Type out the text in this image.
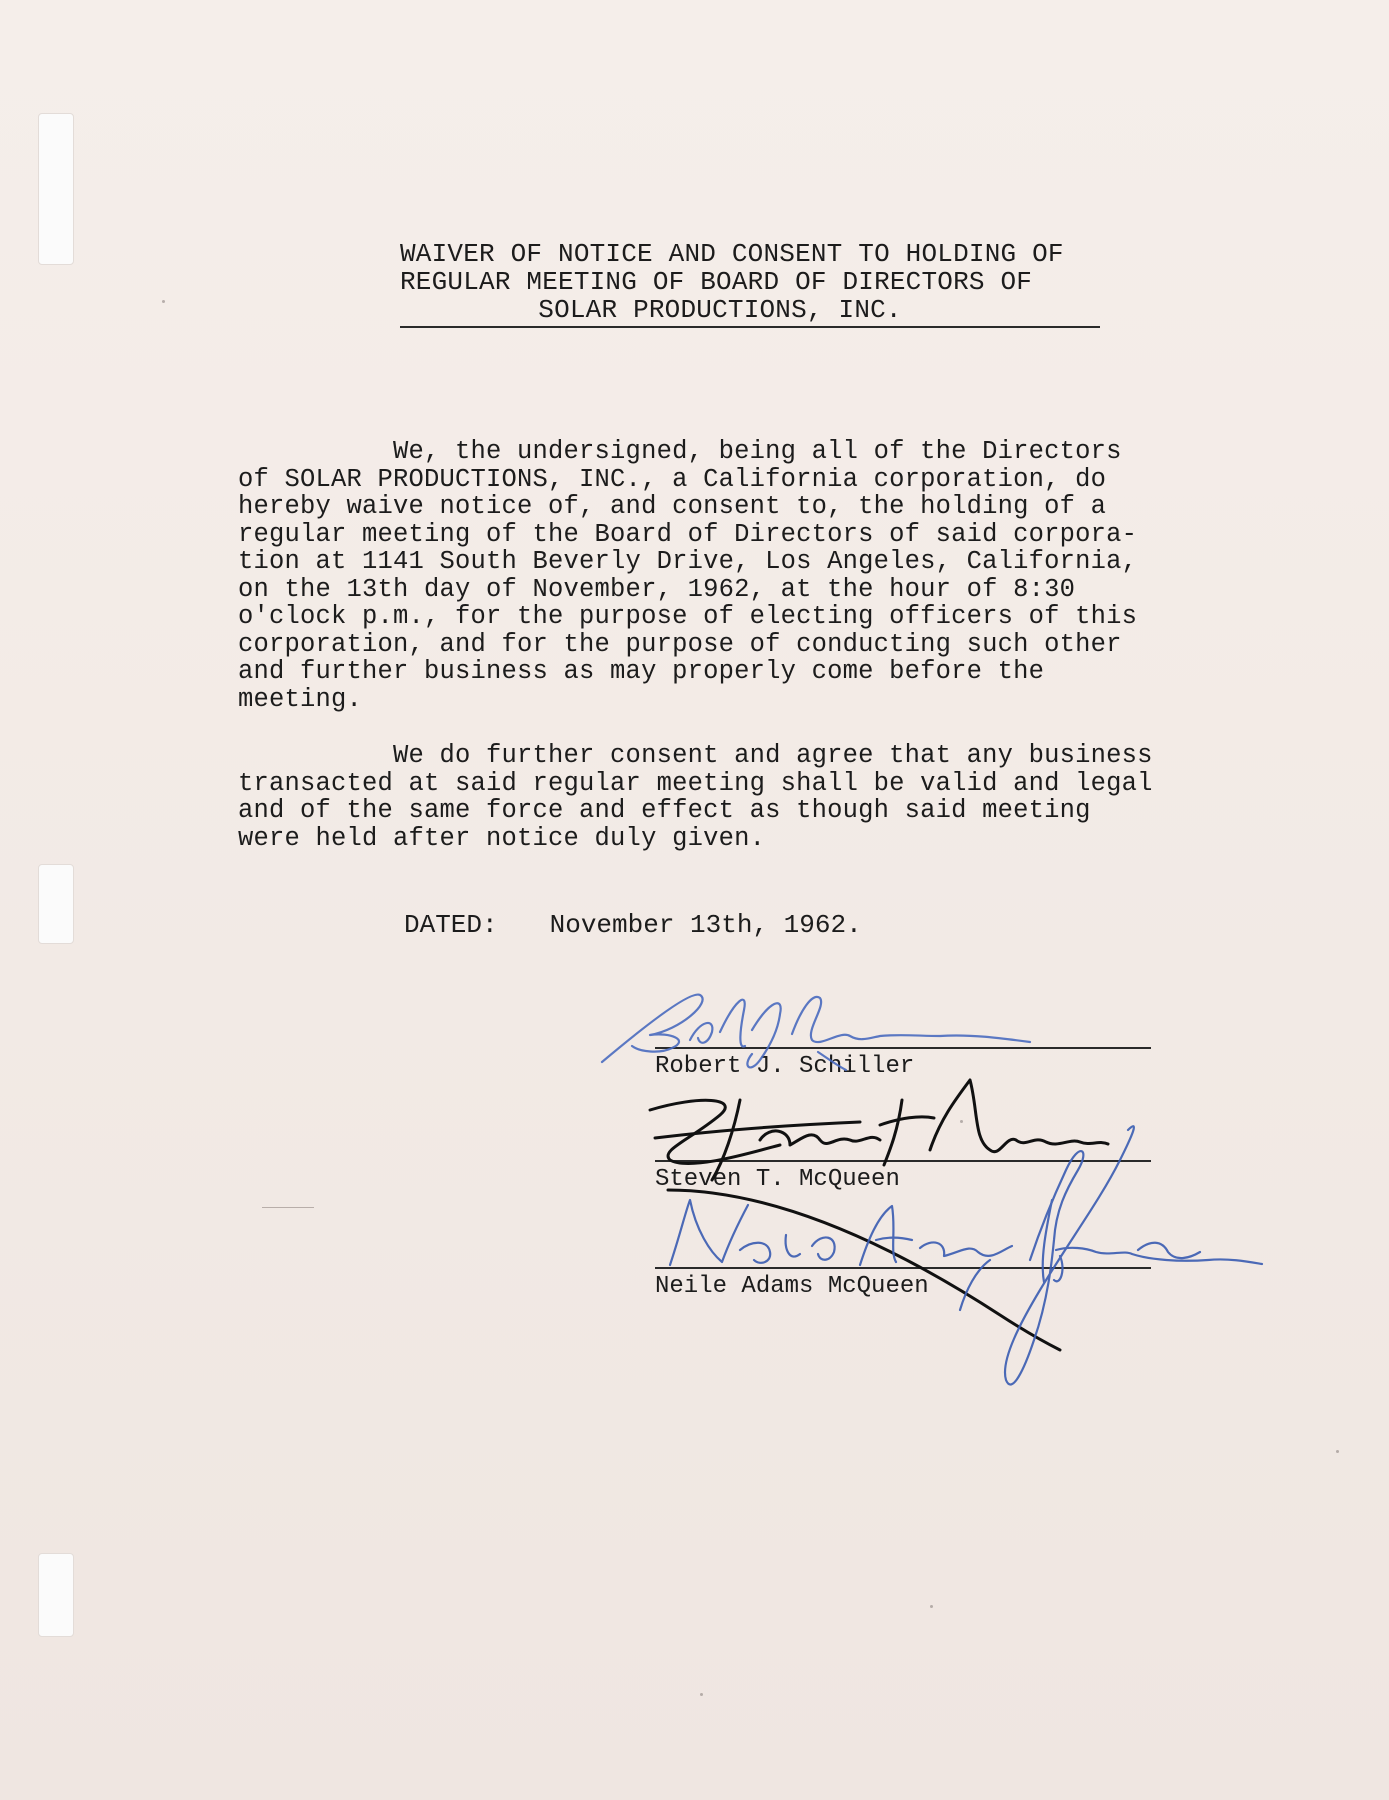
WAIVER OF NOTICE AND CONSENT TO HOLDING OF
REGULAR MEETING OF BOARD OF DIRECTORS OF
SOLAR PRODUCTIONS, INC.
We, the undersigned, being all of the Directors
of SOLAR PRODUCTIONS, INC., a California corporation, do
hereby waive notice of, and consent to, the holding of a
regular meeting of the Board of Directors of said corpora-
tion at 1141 South Beverly Drive, Los Angeles, California,
on the 13th day of November, 1962, at the hour of 8:30
o'clock p.m., for the purpose of electing officers of this
corporation, and for the purpose of conducting such other
and further business as may properly come before the
meeting.
We do further consent and agree that any business
transacted at said regular meeting shall be valid and legal
and of the same force and effect as though said meeting
were held after notice duly given.
DATED: November 13th, 1962.
Robert J. Schiller
Steven T. McQueen
Neile Adams McQueen
